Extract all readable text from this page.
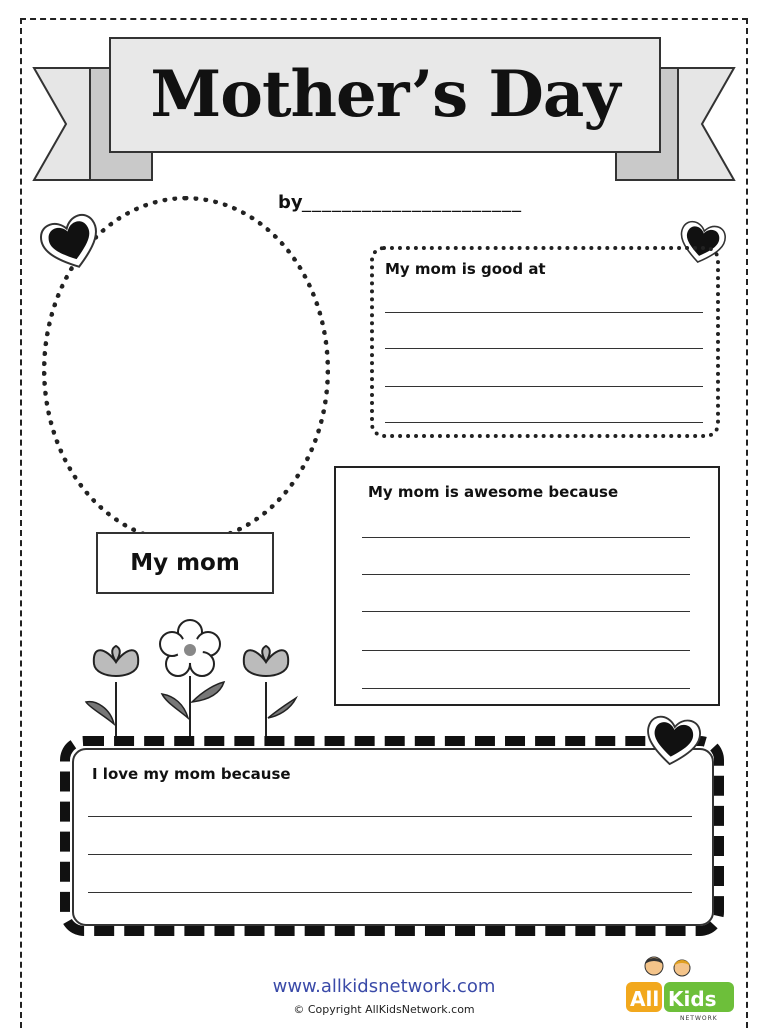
Mother’s Day
by ______________________
My mom
My mom is good at
My mom is awesome because
I love my mom because
www.allkidsnetwork.com
© Copyright AllKidsNetwork.com	All Kids
NETWORK
